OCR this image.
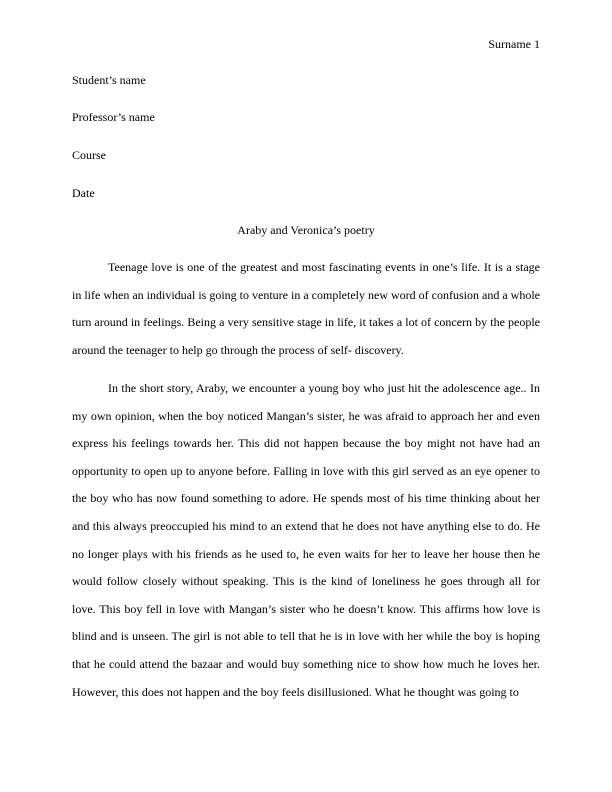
Surname 1
Student’s name
Professor’s name
Course
Date
Araby and Veronica’s poetry

Teenage love is one of the greatest and most fascinating events in one’s life. It is a stage in life when an individual is going to venture in a completely new word of confusion and a whole turn around in feelings. Being a very sensitive stage in life, it takes a lot of concern by the people around the teenager to help go through the process of self- discovery.

In the short story, Araby, we encounter a young boy who just hit the adolescence age.. In my own opinion, when the boy noticed Mangan’s sister, he was afraid to approach her and even express his feelings towards her. This did not happen because the boy might not have had an opportunity to open up to anyone before. Falling in love with this girl served as an eye opener to the boy who has now found something to adore. He spends most of his time thinking about her and this always preoccupied his mind to an extend that he does not have anything else to do. He no longer plays with his friends as he used to, he even waits for her to leave her house then he would follow closely without speaking. This is the kind of loneliness he goes through all for love. This boy fell in love with Mangan’s sister who he doesn’t know. This affirms how love is blind and is unseen. The girl is not able to tell that he is in love with her while the boy is hoping that he could attend the bazaar and would buy something nice to show how much he loves her. However, this does not happen and the boy feels disillusioned. What he thought was going to
